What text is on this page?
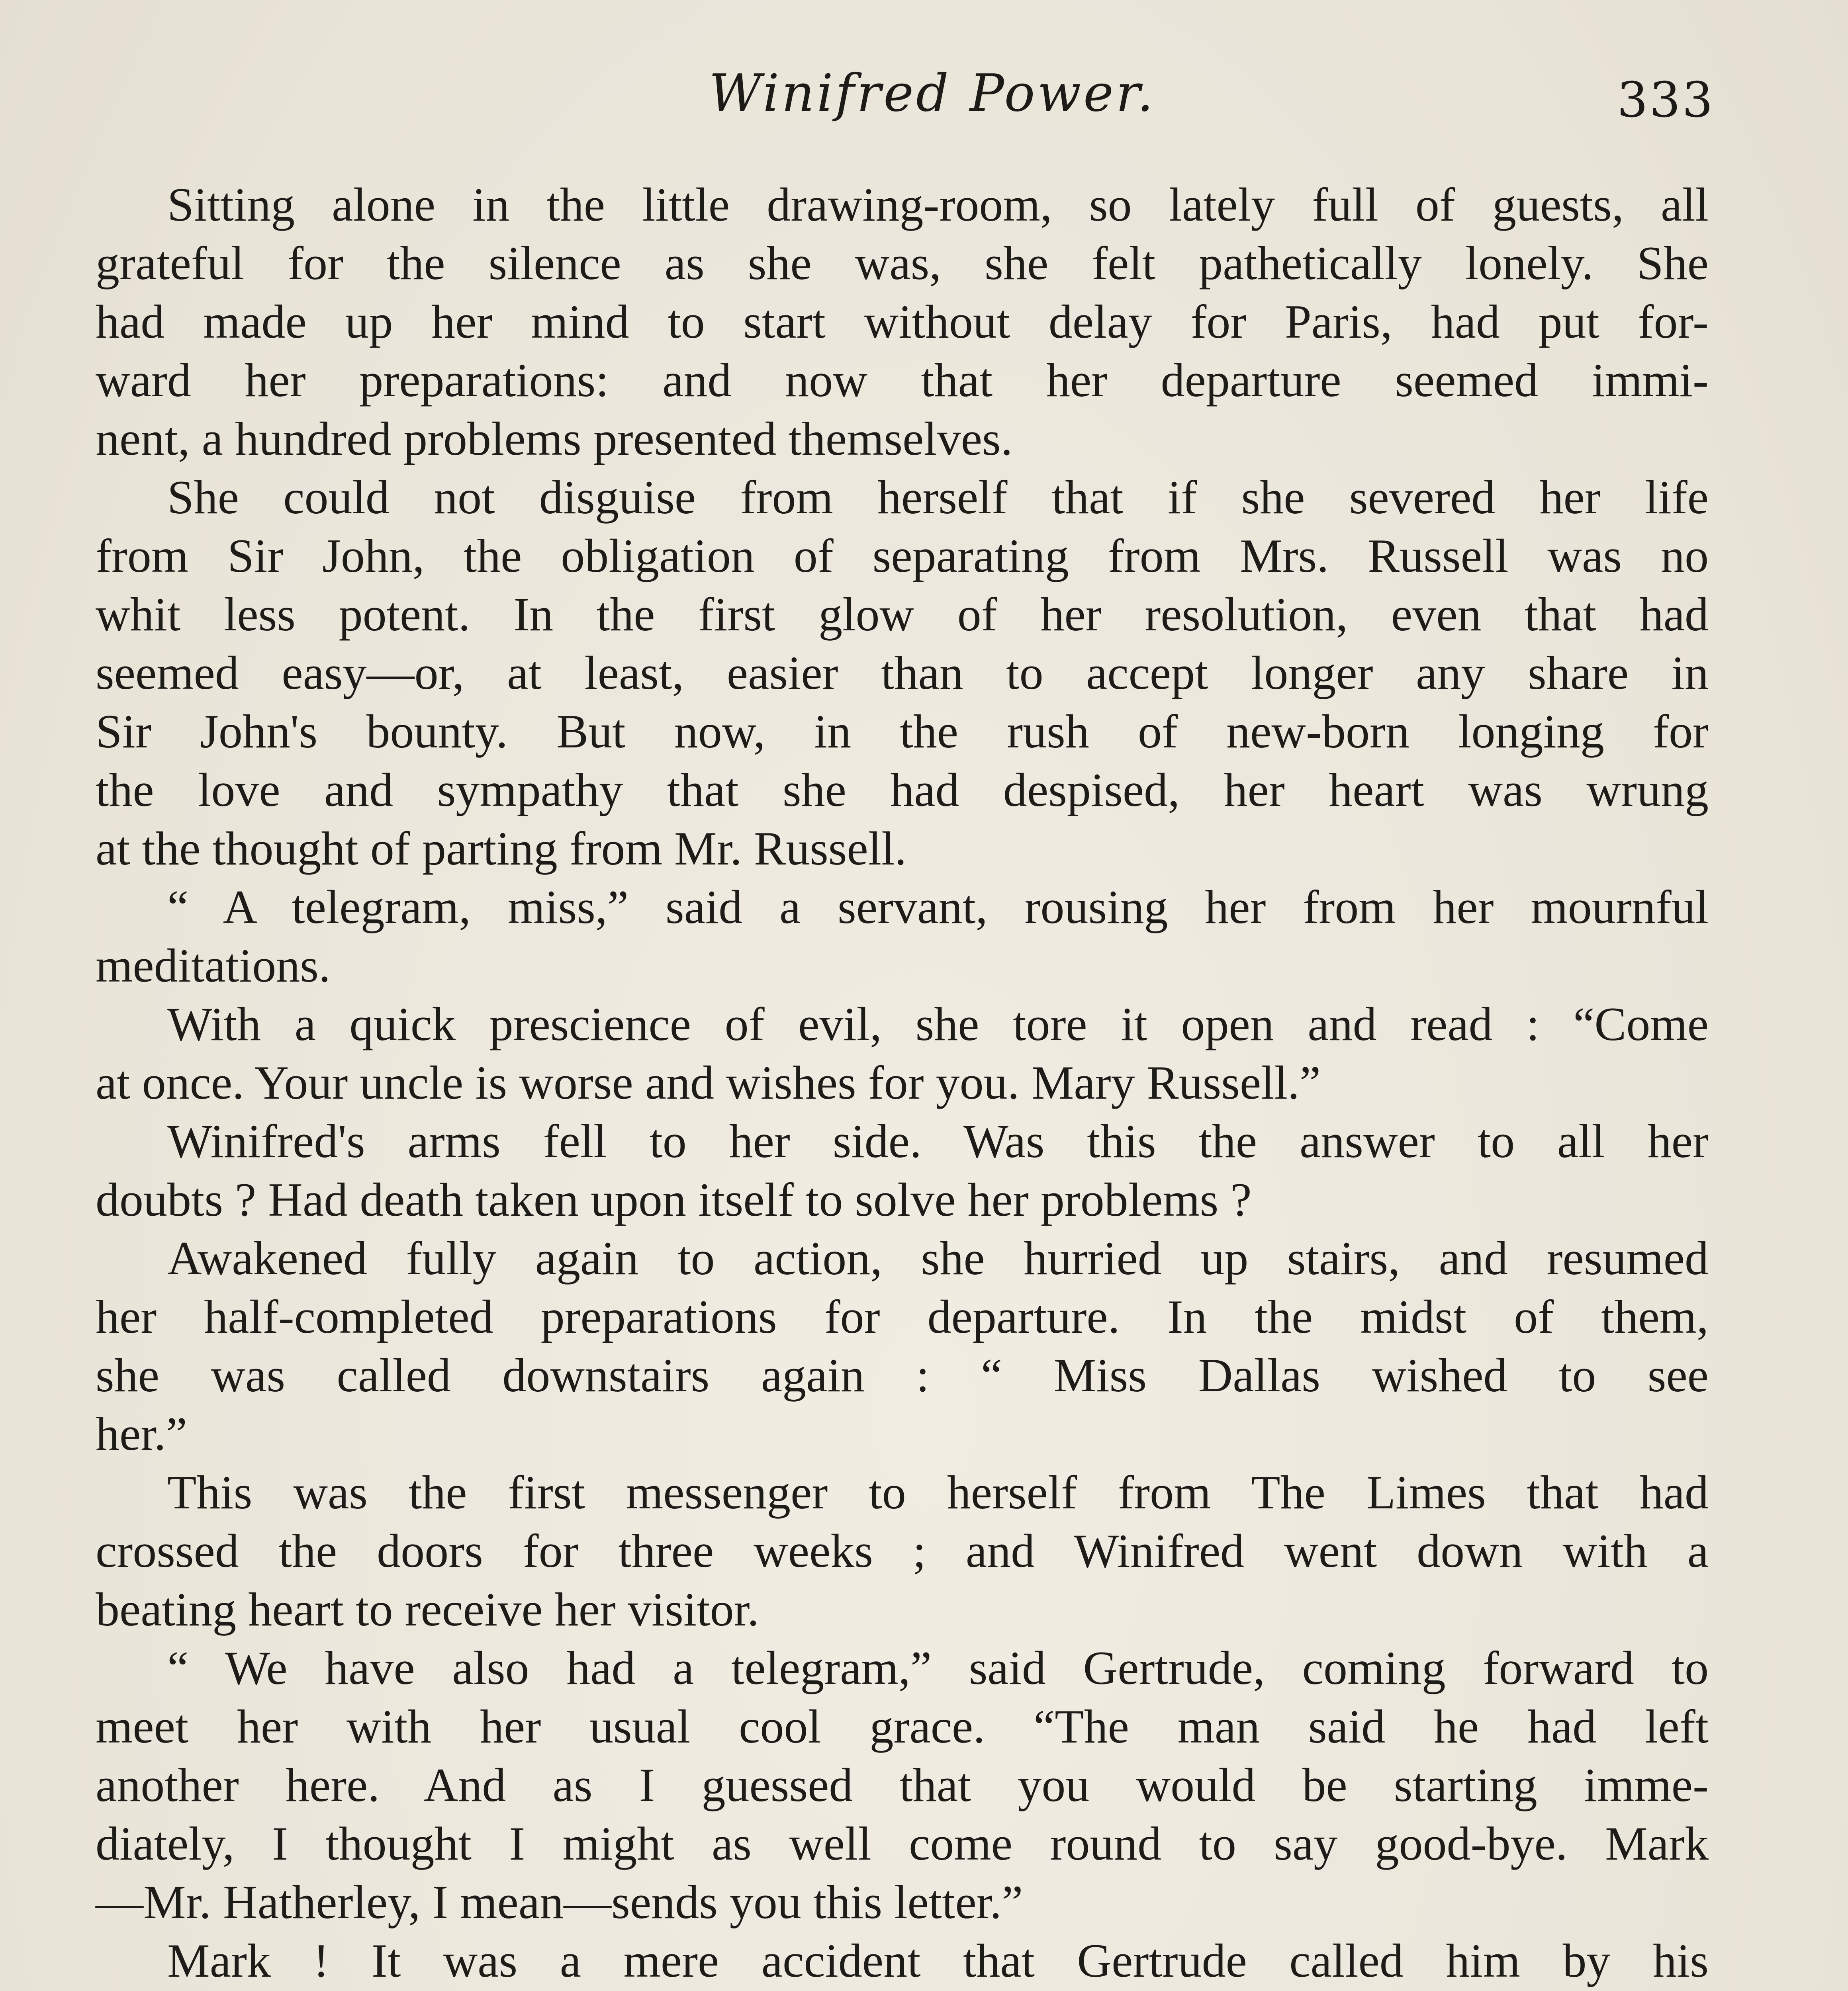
Winifred Power.	333
Sitting alone in the little drawing-room, so lately full of guests, all
grateful for the silence as she was, she felt pathetically lonely. She
had made up her mind to start without delay for Paris, had put for-
ward her preparations: and now that her departure seemed immi-
nent, a hundred problems presented themselves.
She could not disguise from herself that if she severed her life
from Sir John, the obligation of separating from Mrs. Russell was no
whit less potent. In the first glow of her resolution, even that had
seemed easy—or, at least, easier than to accept longer any share in
Sir John's bounty. But now, in the rush of new-born longing for
the love and sympathy that she had despised, her heart was wrung
at the thought of parting from Mr. Russell.
“ A telegram, miss,” said a servant, rousing her from her mournful
meditations.
With a quick prescience of evil, she tore it open and read : “Come
at once. Your uncle is worse and wishes for you. Mary Russell.”
Winifred's arms fell to her side. Was this the answer to all her
doubts ? Had death taken upon itself to solve her problems ?
Awakened fully again to action, she hurried up stairs, and resumed
her half-completed preparations for departure. In the midst of them,
she was called downstairs again : “ Miss Dallas wished to see
her.”
This was the first messenger to herself from The Limes that had
crossed the doors for three weeks ; and Winifred went down with a
beating heart to receive her visitor.
“ We have also had a telegram,” said Gertrude, coming forward to
meet her with her usual cool grace. “The man said he had left
another here. And as I guessed that you would be starting imme-
diately, I thought I might as well come round to say good-bye. Mark
—Mr. Hatherley, I mean—sends you this letter.”
Mark ! It was a mere accident that Gertrude called him by his
